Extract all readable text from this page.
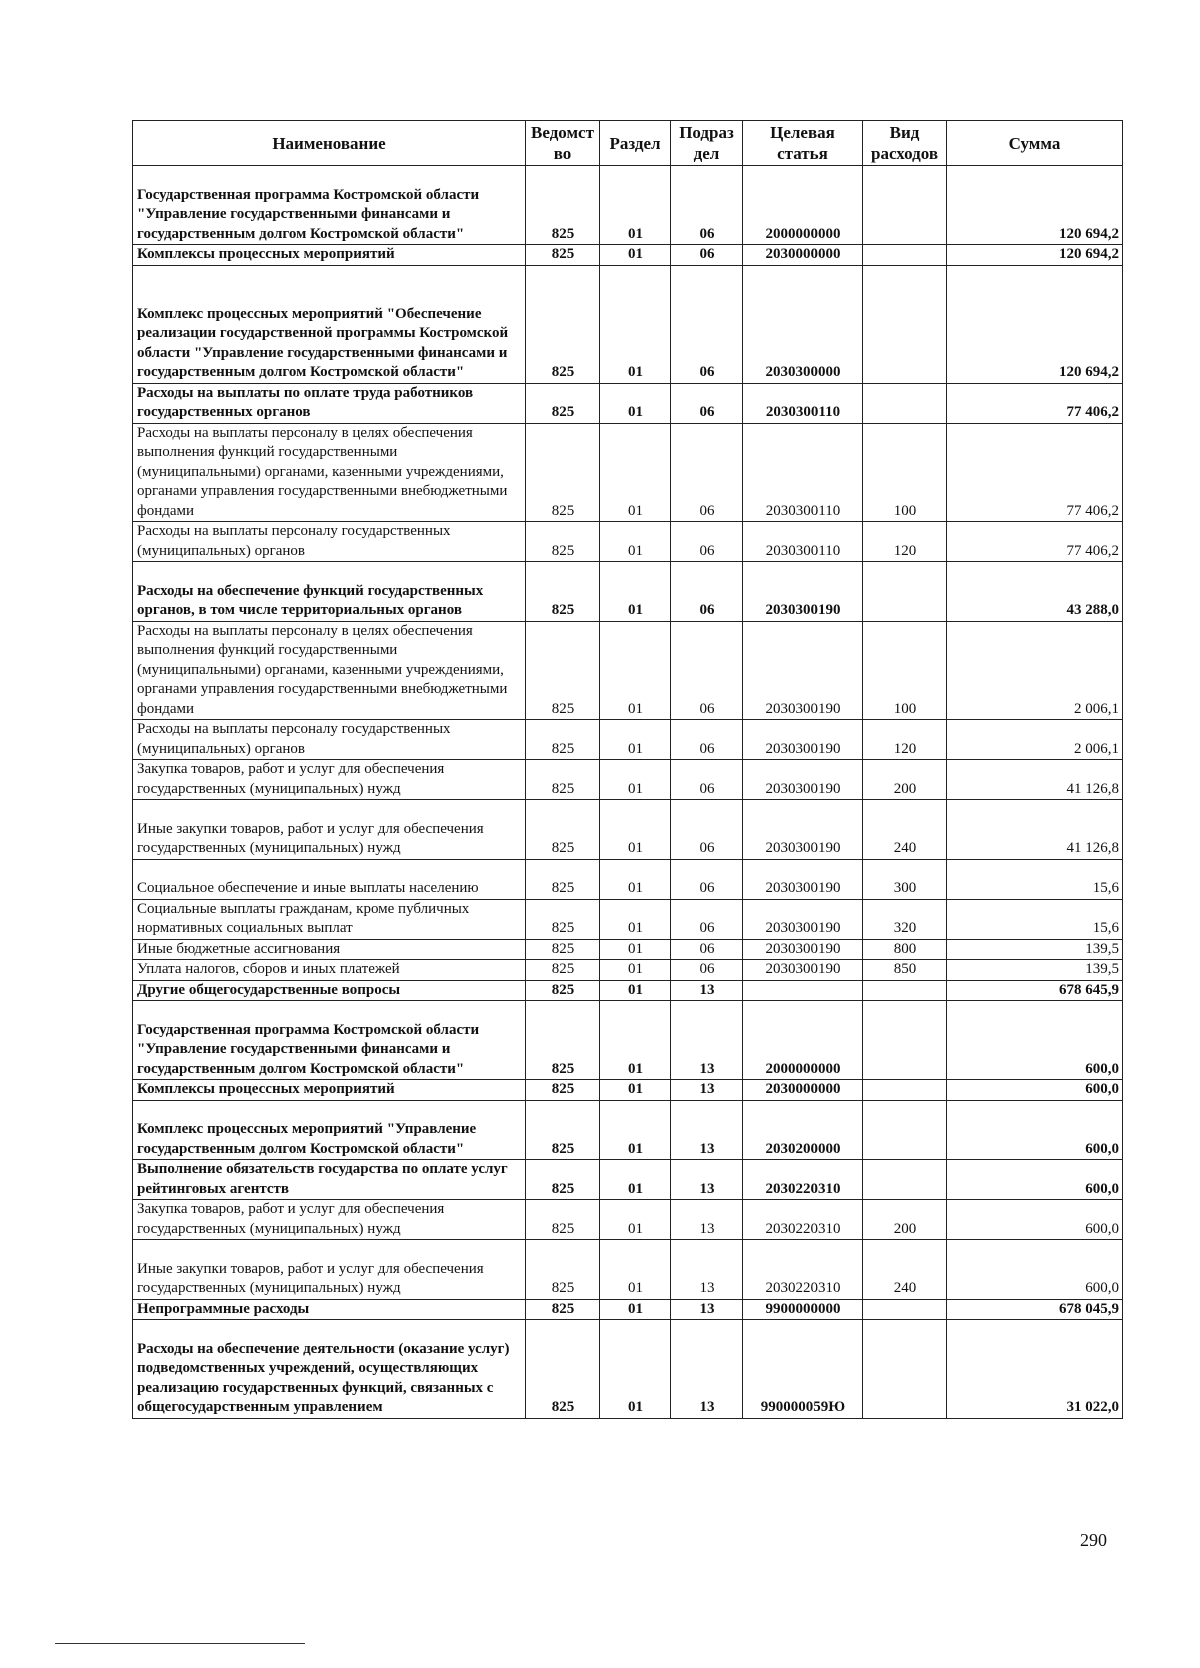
Наименование	Ведомст во	Раздел	Подраз дел	Целевая статья	Вид расходов	Сумма
Государственная программа Костромской области "Управление государственными финансами и государственным долгом Костромской области"	825	01	06	2000000000		120 694,2
Комплексы процессных мероприятий	825	01	06	2030000000		120 694,2
Комплекс процессных мероприятий "Обеспечение реализации государственной программы Костромской области "Управление государственными финансами и государственным долгом Костромской области"	825	01	06	2030300000		120 694,2
Расходы на выплаты по оплате труда работников государственных органов	825	01	06	2030300110		77 406,2
Расходы на выплаты персоналу в целях обеспечения выполнения функций государственными (муниципальными) органами, казенными учреждениями, органами управления государственными внебюджетными фондами	825	01	06	2030300110	100	77 406,2
Расходы на выплаты персоналу государственных (муниципальных) органов	825	01	06	2030300110	120	77 406,2
Расходы на обеспечение функций государственных органов, в том числе территориальных органов	825	01	06	2030300190		43 288,0
Расходы на выплаты персоналу в целях обеспечения выполнения функций государственными (муниципальными) органами, казенными учреждениями, органами управления государственными внебюджетными фондами	825	01	06	2030300190	100	2 006,1
Расходы на выплаты персоналу государственных (муниципальных) органов	825	01	06	2030300190	120	2 006,1
Закупка товаров, работ и услуг для обеспечения государственных (муниципальных) нужд	825	01	06	2030300190	200	41 126,8
Иные закупки товаров, работ и услуг для обеспечения государственных (муниципальных) нужд	825	01	06	2030300190	240	41 126,8
Социальное обеспечение и иные выплаты населению	825	01	06	2030300190	300	15,6
Социальные выплаты гражданам, кроме публичных нормативных социальных выплат	825	01	06	2030300190	320	15,6
Иные бюджетные ассигнования	825	01	06	2030300190	800	139,5
Уплата налогов, сборов и иных платежей	825	01	06	2030300190	850	139,5
Другие общегосударственные вопросы	825	01	13			678 645,9
Государственная программа Костромской области "Управление государственными финансами и государственным долгом Костромской области"	825	01	13	2000000000		600,0
Комплексы процессных мероприятий	825	01	13	2030000000		600,0
Комплекс процессных мероприятий "Управление государственным долгом Костромской области"	825	01	13	2030200000		600,0
Выполнение обязательств государства по оплате услуг рейтинговых агентств	825	01	13	2030220310		600,0
Закупка товаров, работ и услуг для обеспечения государственных (муниципальных) нужд	825	01	13	2030220310	200	600,0
Иные закупки товаров, работ и услуг для обеспечения государственных (муниципальных) нужд	825	01	13	2030220310	240	600,0
Непрограммные расходы	825	01	13	9900000000		678 045,9
Расходы на обеспечение деятельности (оказание услуг) подведомственных учреждений, осуществляющих реализацию государственных функций, связанных с общегосударственным управлением	825	01	13	990000059Ю		31 022,0
290
